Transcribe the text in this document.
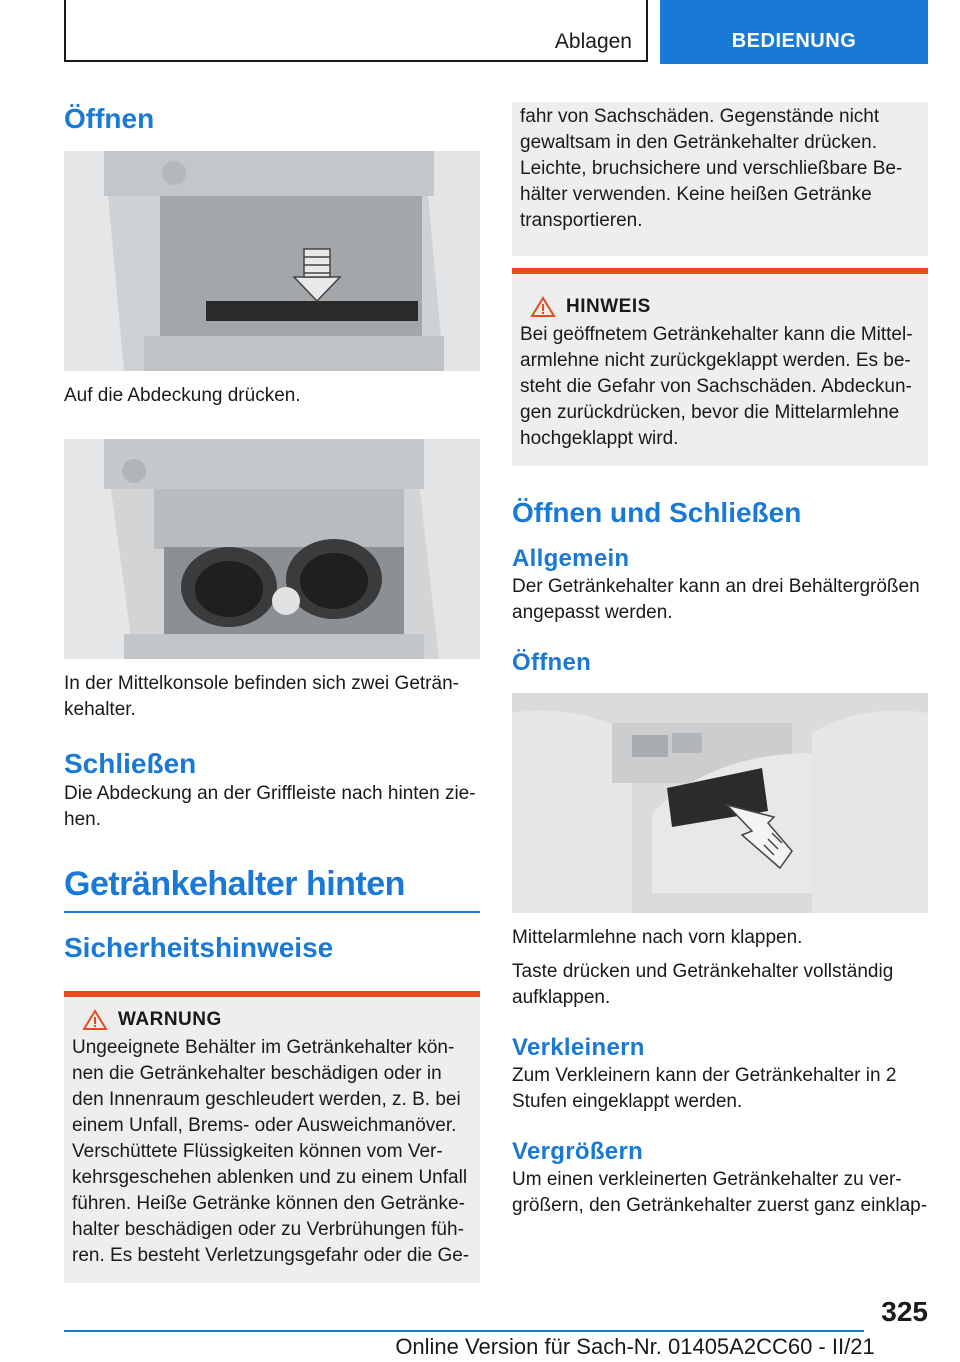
Ablagen	BEDIENUNG
Öffnen

Auf die Abdeckung drücken.

In der Mittelkonsole befinden sich zwei Geträn-kehalter.

Schließen

Die Abdeckung an der Griffleiste nach hinten zie-hen.

Getränkehalter hinten
Sicherheitshinweise
WARNUNG

Ungeeignete Behälter im Getränkehalter kön-nen die Getränkehalter beschädigen oder in den Innenraum geschleudert werden, z. B. bei einem Unfall, Brems- oder Ausweichmanöver. Verschüttete Flüssigkeiten können vom Ver-kehrsgeschehen ablenken und zu einem Unfall führen. Heiße Getränke können den Getränke-halter beschädigen oder zu Verbrühungen füh-ren. Es besteht Verletzungsgefahr oder die Ge-

fahr von Sachschäden. Gegenstände nicht gewaltsam in den Getränkehalter drücken. Leichte, bruchsichere und verschließbare Be-hälter verwenden. Keine heißen Getränke transportieren.

HINWEIS

Bei geöffnetem Getränkehalter kann die Mittel-armlehne nicht zurückgeklappt werden. Es be-steht die Gefahr von Sachschäden. Abdeckun-gen zurückdrücken, bevor die Mittelarmlehne hochgeklappt wird.

Öffnen und Schließen
Allgemein

Der Getränkehalter kann an drei Behältergrößen angepasst werden.

Öffnen

Mittelarmlehne nach vorn klappen.

Taste drücken und Getränkehalter vollständig aufklappen.

Verkleinern

Zum Verkleinern kann der Getränkehalter in 2 Stufen eingeklappt werden.

Vergrößern

Um einen verkleinerten Getränkehalter zu ver-größern, den Getränkehalter zuerst ganz einklap-

325
Online Version für Sach-Nr. 01405A2CC60 - II/21
